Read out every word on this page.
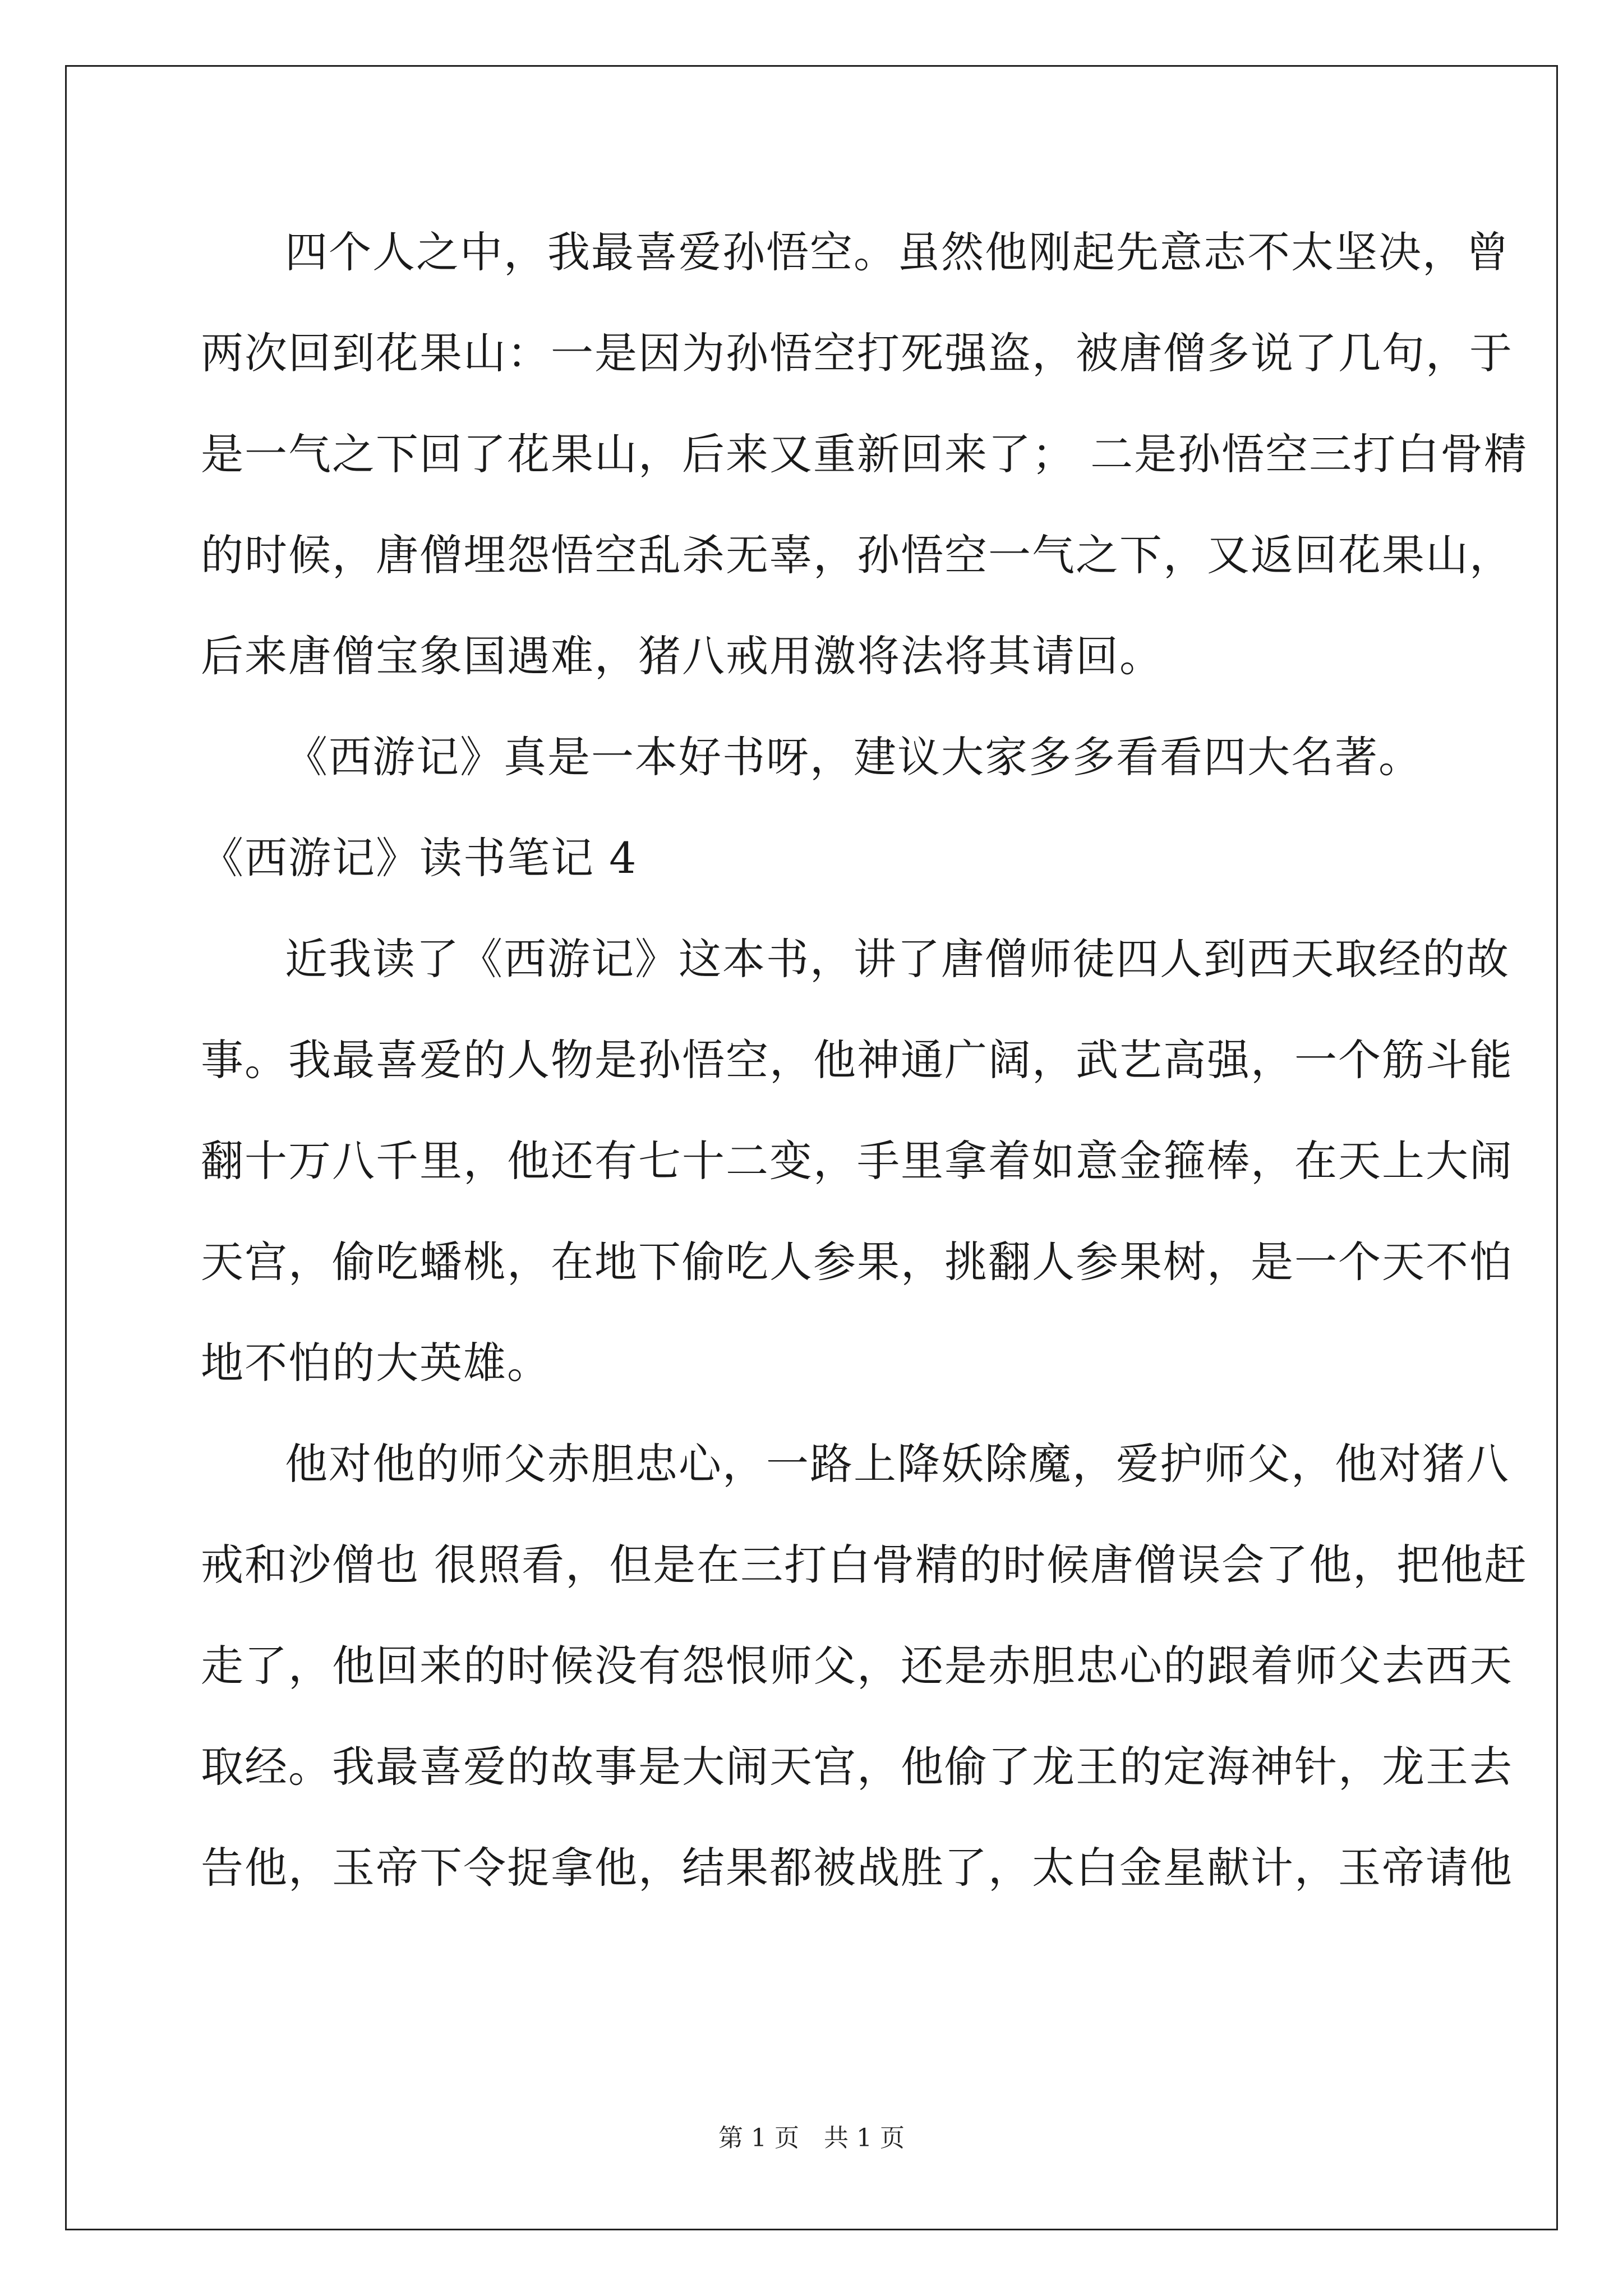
四个人之中，我最喜爱孙悟空。虽然他刚起先意志不太坚决，曾
两次回到花果山：一是因为孙悟空打死强盗，被唐僧多说了几句，于
是一气之下回了花果山，后来又重新回来了； 二是孙悟空三打白骨精
的时候，唐僧埋怨悟空乱杀无辜，孙悟空一气之下，又返回花果山，
后来唐僧宝象国遇难，猪八戒用激将法将其请回。
《西游记》真是一本好书呀，建议大家多多看看四大名著。
《西游记》读书笔记 4
近我读了《西游记》这本书，讲了唐僧师徒四人到西天取经的故
事。我最喜爱的人物是孙悟空，他神通广阔，武艺高强，一个筋斗能
翻十万八千里，他还有七十二变，手里拿着如意金箍棒，在天上大闹
天宫，偷吃蟠桃，在地下偷吃人参果，挑翻人参果树，是一个天不怕
地不怕的大英雄。
他对他的师父赤胆忠心，一路上降妖除魔，爱护师父，他对猪八
戒和沙僧也 很照看，但是在三打白骨精的时候唐僧误会了他，把他赶
走了，他回来的时候没有怨恨师父，还是赤胆忠心的跟着师父去西天
取经。我最喜爱的故事是大闹天宫，他偷了龙王的定海神针，龙王去
告他，玉帝下令捉拿他，结果都被战胜了，太白金星献计，玉帝请他
第 1 页　共 1 页
